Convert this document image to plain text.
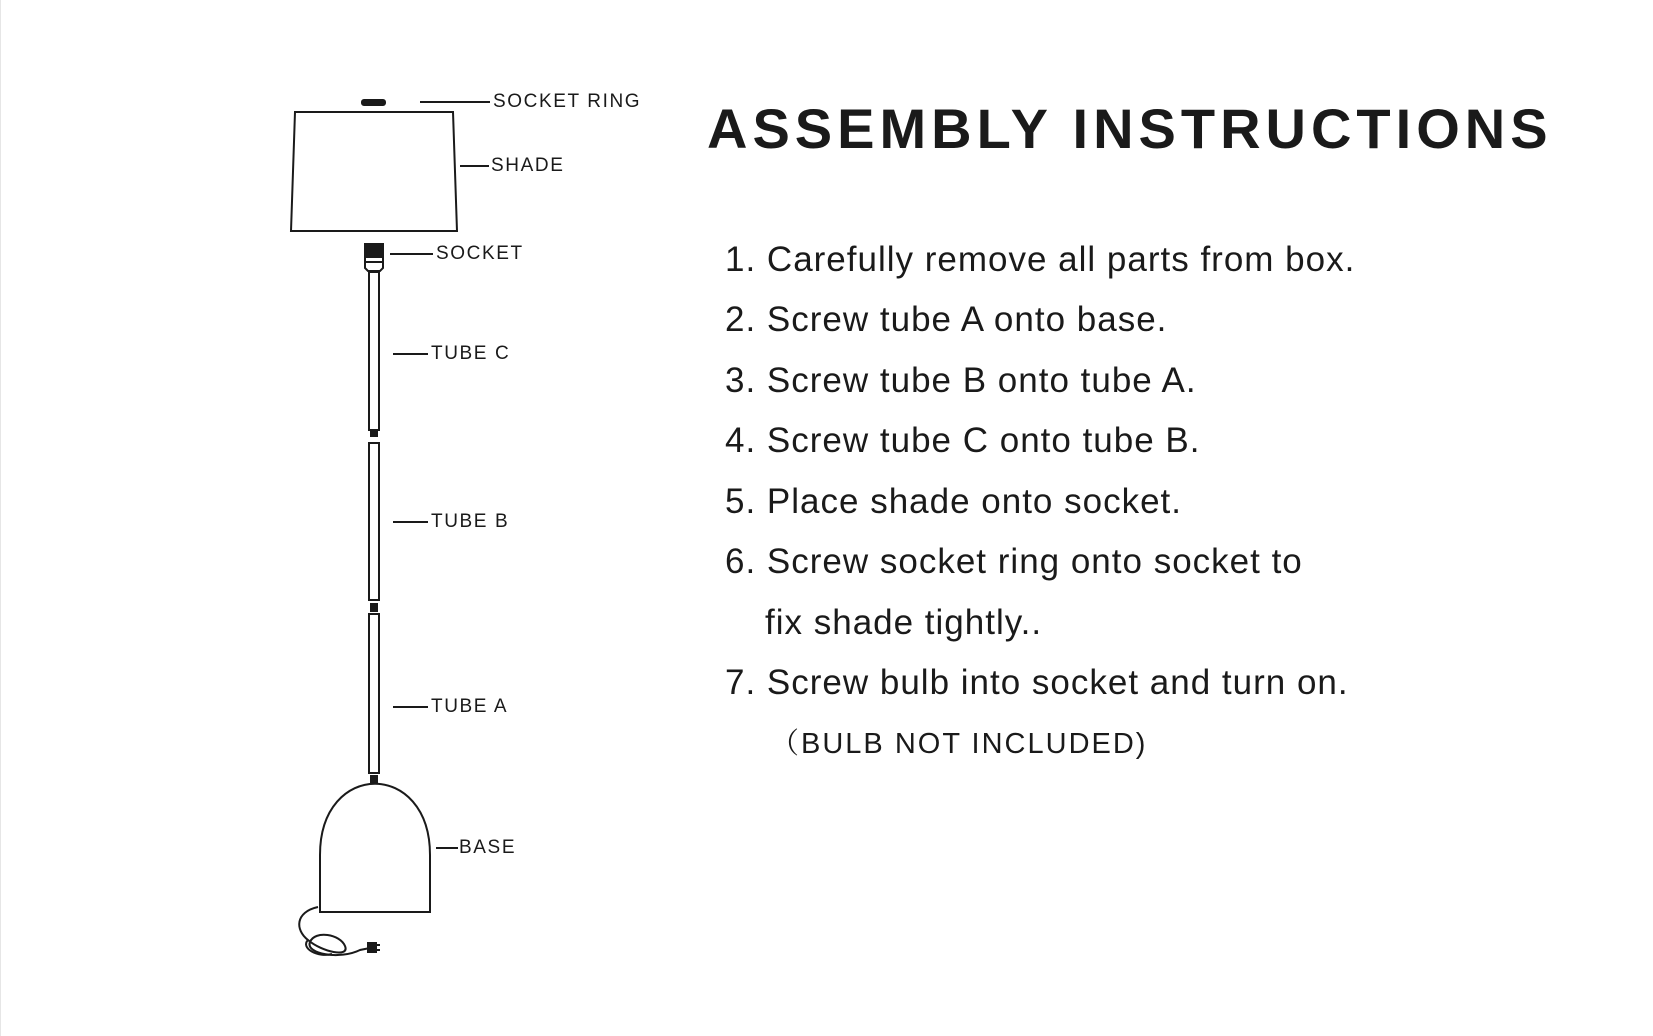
SOCKET RING
SHADE
SOCKET
TUBE C
TUBE B
TUBE A
BASE
ASSEMBLY INSTRUCTIONS
1. Carefully remove all parts from box.
2. Screw tube A onto base.
3. Screw tube B onto tube A.
4. Screw tube C onto tube B.
5. Place shade onto socket.
6. Screw socket ring onto socket to
fix shade tightly..
7. Screw bulb into socket and turn on.
（BULB NOT INCLUDED)
